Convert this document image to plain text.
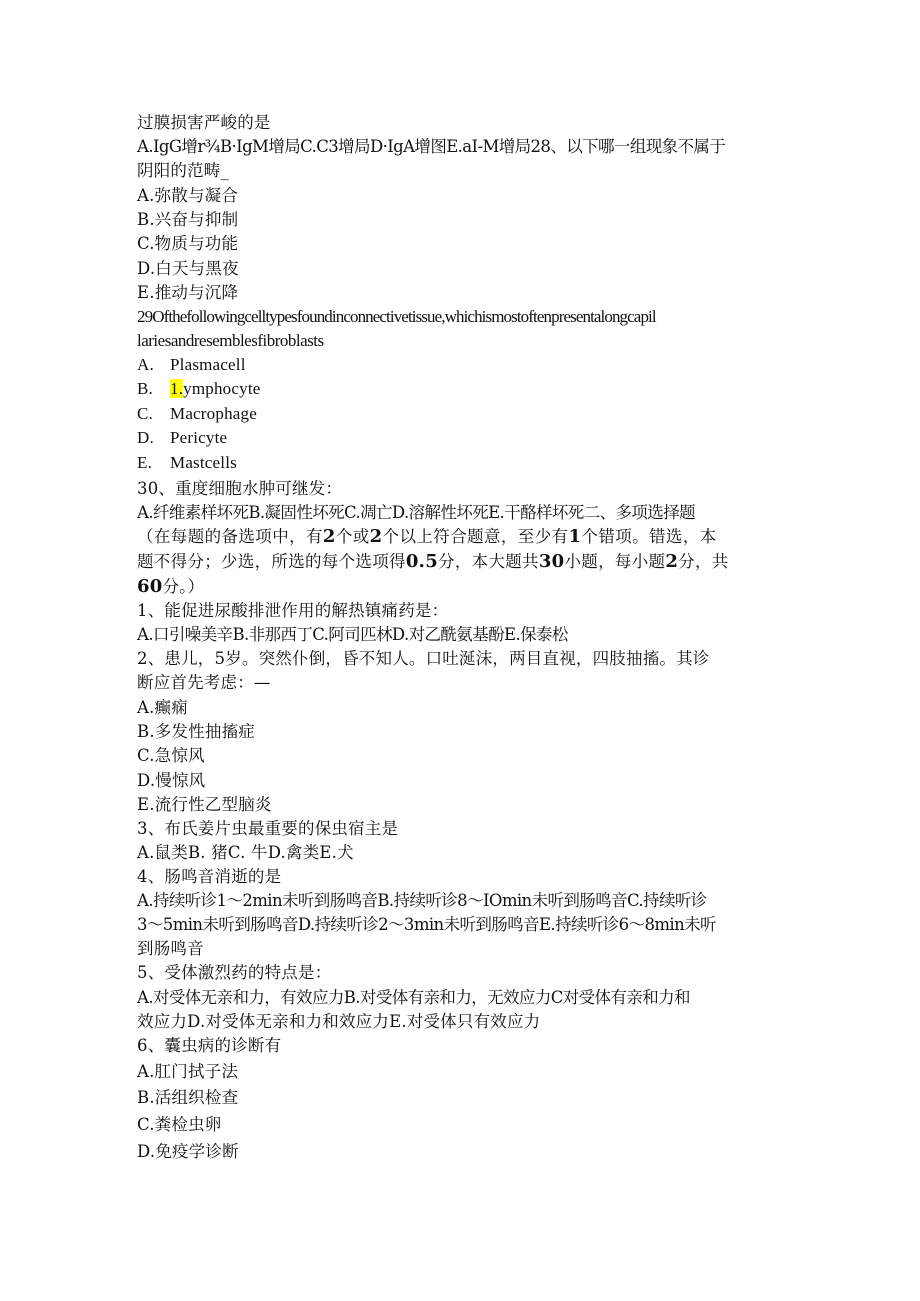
过膜损害严峻的是
A.IgG增r¾B·IgM增局C.C3增局D·IgA增图E.aI-M增局28、以下哪一组现象不属于
阴阳的范畴_
A.弥散与凝合
B.兴奋与抑制
C.物质与功能
D.白天与黑夜
E.推动与沉降
29Ofthefollowingcelltypesfoundinconnectivetissue,whichismostoftenpresentalongcapil
lariesandresemblesfibroblasts
A. Plasmacell
B. 1.ymphocyte
C. Macrophage
D. Pericyte
E. Mastcells
30、重度细胞水肿可继发：
A.纤维素样坏死B.凝固性坏死C.凋亡D.溶解性坏死E.干酪样坏死二、多项选择题
（在每题的备选项中，有2个或2个以上符合题意，至少有1个错项。错选，本
题不得分；少选，所选的每个选项得0.5分，本大题共30小题，每小题2分，共
60分。）
1、能促进尿酸排泄作用的解热镇痛药是：
A.口引噪美辛B.非那西丁C.阿司匹林D.对乙酰氨基酚E.保泰松
2、患儿，5岁。突然仆倒，昏不知人。口吐涎沫，两目直视，四肢抽搐。其诊
断应首先考虑：—
A.癫痫
B.多发性抽搐症
C.急惊风
D.慢惊风
E.流行性乙型脑炎
3、布氏姜片虫最重要的保虫宿主是
A.鼠类B. 猪C. 牛D.禽类E.犬
4、肠鸣音消逝的是
A.持续听诊1～2min未听到肠鸣音B.持续听诊8～IOmin未听到肠鸣音C.持续听诊
3～5min未听到肠鸣音D.持续听诊2～3min未听到肠鸣音E.持续听诊6～8min未听
到肠鸣音
5、受体激烈药的特点是：
A.对受体无亲和力，有效应力B.对受体有亲和力，无效应力C对受体有亲和力和
效应力D.对受体无亲和力和效应力E.对受体只有效应力
6、囊虫病的诊断有
A.肛门拭子法
B.活组织检查
C.粪检虫卵
D.免疫学诊断
